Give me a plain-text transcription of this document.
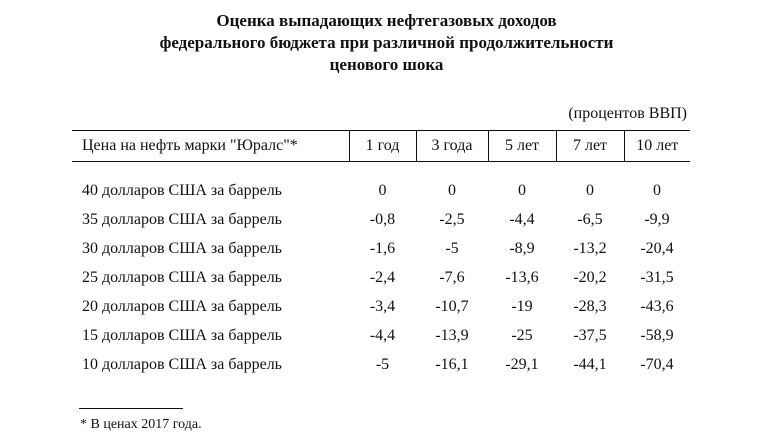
Оценка выпадающих нефтегазовых доходов
федерального бюджета при различной продолжительности
ценового шока
(процентов ВВП)
Цена на нефть марки "Юралс"*	1 год	3 года	5 лет	7 лет	10 лет

40 долларов США за баррель	0	0	0	0	0
35 долларов США за баррель	-0,8	-2,5	-4,4	-6,5	-9,9
30 долларов США за баррель	-1,6	-5	-8,9	-13,2	-20,4
25 долларов США за баррель	-2,4	-7,6	-13,6	-20,2	-31,5
20 долларов США за баррель	-3,4	-10,7	-19	-28,3	-43,6
15 долларов США за баррель	-4,4	-13,9	-25	-37,5	-58,9
10 долларов США за баррель	-5	-16,1	-29,1	-44,1	-70,4
* В ценах 2017 года.
